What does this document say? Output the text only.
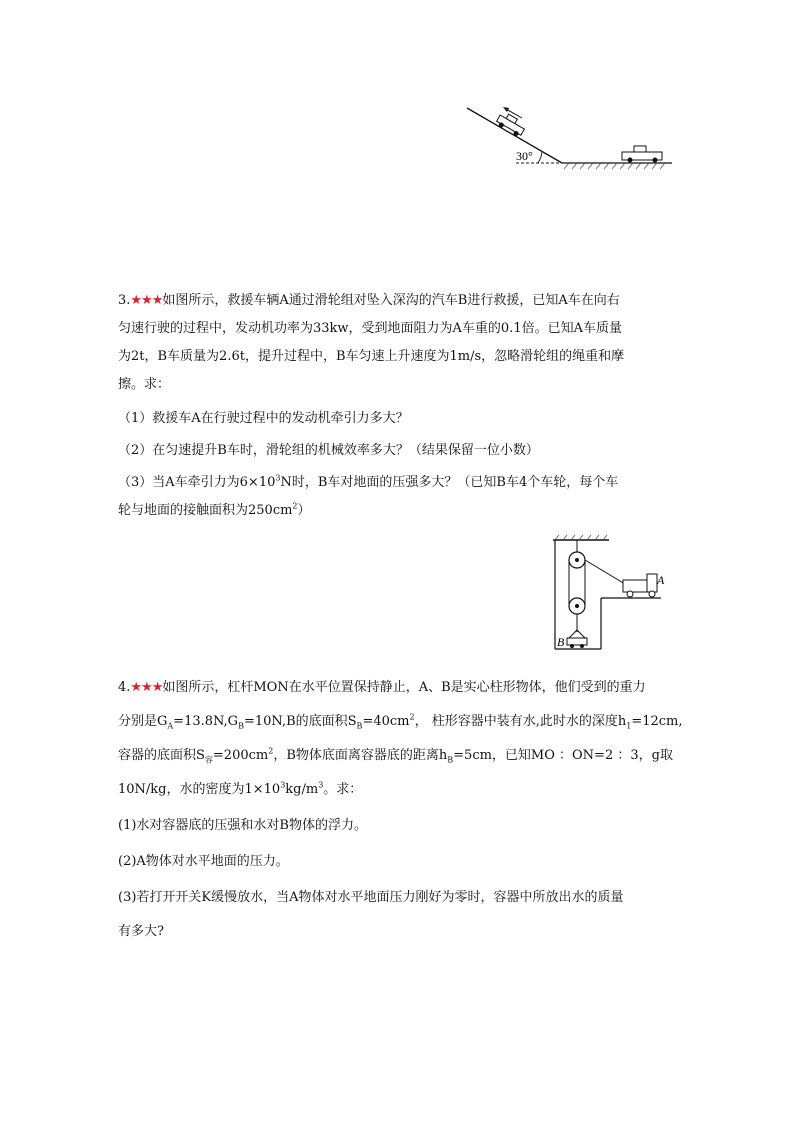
30°

3.★★★如图所示，救援车辆A通过滑轮组对坠入深沟的汽车B进行救援，已知A车在向右

匀速行驶的过程中，发动机功率为33kw，受到地面阻力为A车重的0.1倍。已知A车质量

为2t，B车质量为2.6t，提升过程中，B车匀速上升速度为1m/s，忽略滑轮组的绳重和摩

擦。求：

（1）救援车A在行驶过程中的发动机牵引力多大？

（2）在匀速提升B车时，滑轮组的机械效率多大？（结果保留一位小数）

（3）当A车牵引力为$6\times 10^3N$时，B车对地面的压强多大？（已知B车4个车轮，每个车

轮与地面的接触面积为$250cm^2$）

B
A

4.★★★如图所示，杠杆MON在水平位置保持静止，A、B是实心柱形物体，他们受到的重力

分别是$G_A=13.8N,G_B=10N,B$的底面积$S_B=40cm^2$， 柱形容器中装有水,此时水的深度$h_1=12cm$,

容器的底面积$S_容=200cm^2$，B物体底面离容器底的距离$h_B=5cm$，已知MO ：ON=2 ：3，g取

10N/kg，水的密度为$1\times 10^3kg/m^3$。求：

(1)水对容器底的压强和水对B物体的浮力。

(2)A物体对水平地面的压力。

(3)若打开开关K缓慢放水，当A物体对水平地面压力刚好为零时，容器中所放出水的质量

有多大?
